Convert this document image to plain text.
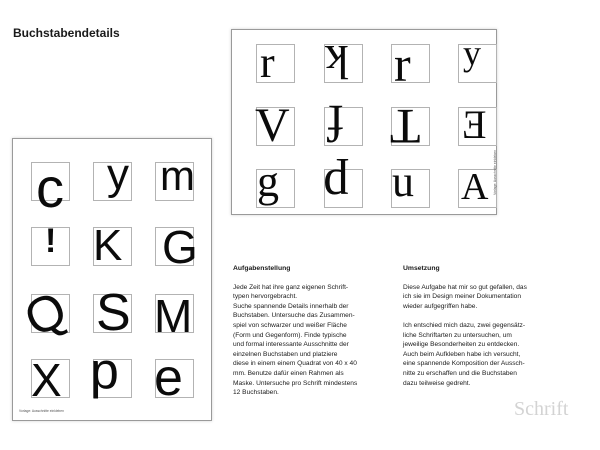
Buchstabendetails
c y m
! K G
Q S M
X d e
Vorlage: Ausschnitte einkleben
r k r y
V f T E
g p u A Vorlage: Ausschnitte einkleben
Aufgabenstellung

Jede Zeit hat ihre ganz eigenen Schrift-
typen hervorgebracht.
Suche spannende Details innerhalb der
Buchstaben. Untersuche das Zusammen-
spiel von schwarzer und weißer Fläche
(Form und Gegenform). Finde typische
und formal interessante Ausschnitte der
einzelnen Buchstaben und platziere
diese in einem einem Quadrat von 40 x 40
mm. Benutze dafür einen Rahmen als
Maske. Untersuche pro Schrift mindestens
12 Buchstaben.

Umsetzung

Diese Aufgabe hat mir so gut gefallen, das
ich sie im Design meiner Dokumentation
wieder aufgegriffen habe.

Ich entschied mich dazu, zwei gegensätz-
liche Schriftarten zu untersuchen, um
jeweilige Besonderheiten zu entdecken.
Auch beim Aufkleben habe ich versucht,
eine spannende Komposition der Aussch-
nitte zu erschaffen und die Buchstaben
dazu teilweise gedreht.

Schrift
